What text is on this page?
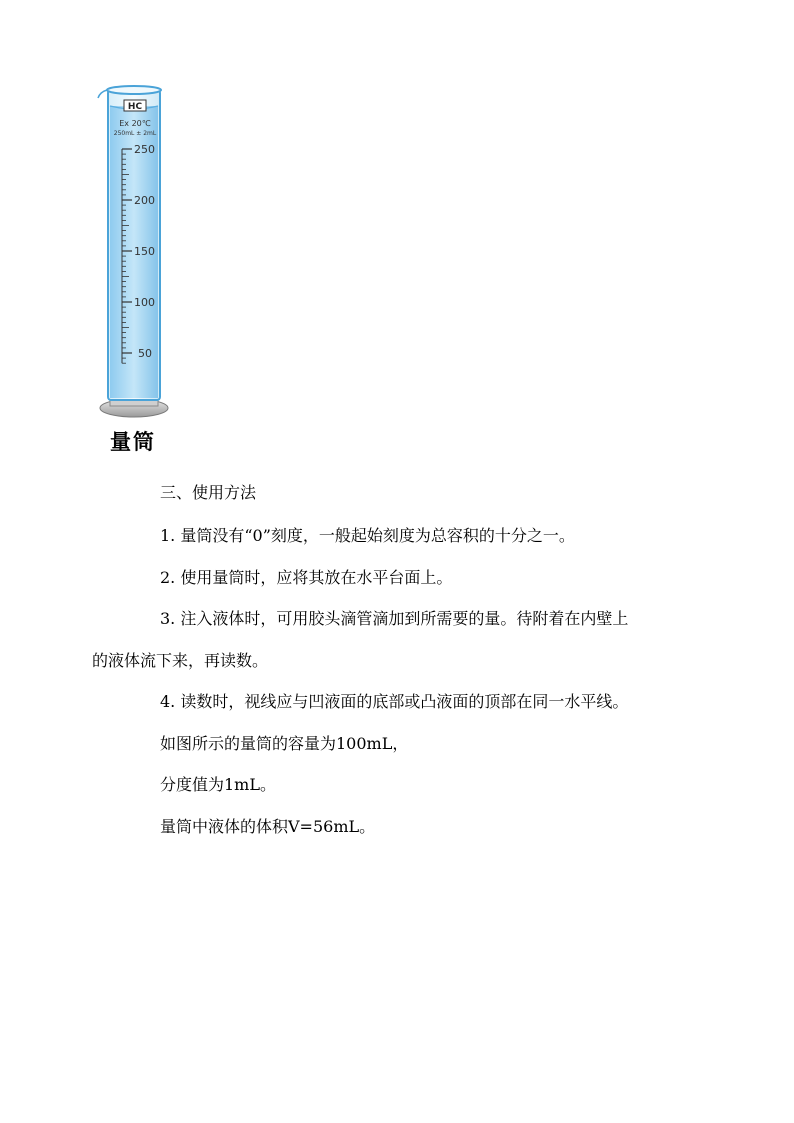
HC
Ex 20℃
250mL ± 2mL
250
200
150
100
50
量筒
三、使用方法
1. 量筒没有“0”刻度，一般起始刻度为总容积的十分之一。
2. 使用量筒时，应将其放在水平台面上。
3. 注入液体时，可用胶头滴管滴加到所需要的量。待附着在内壁上
的液体流下来，再读数。
4. 读数时，视线应与凹液面的底部或凸液面的顶部在同一水平线。
如图所示的量筒的容量为100mL，
分度值为1mL。
量筒中液体的体积V=56mL。
